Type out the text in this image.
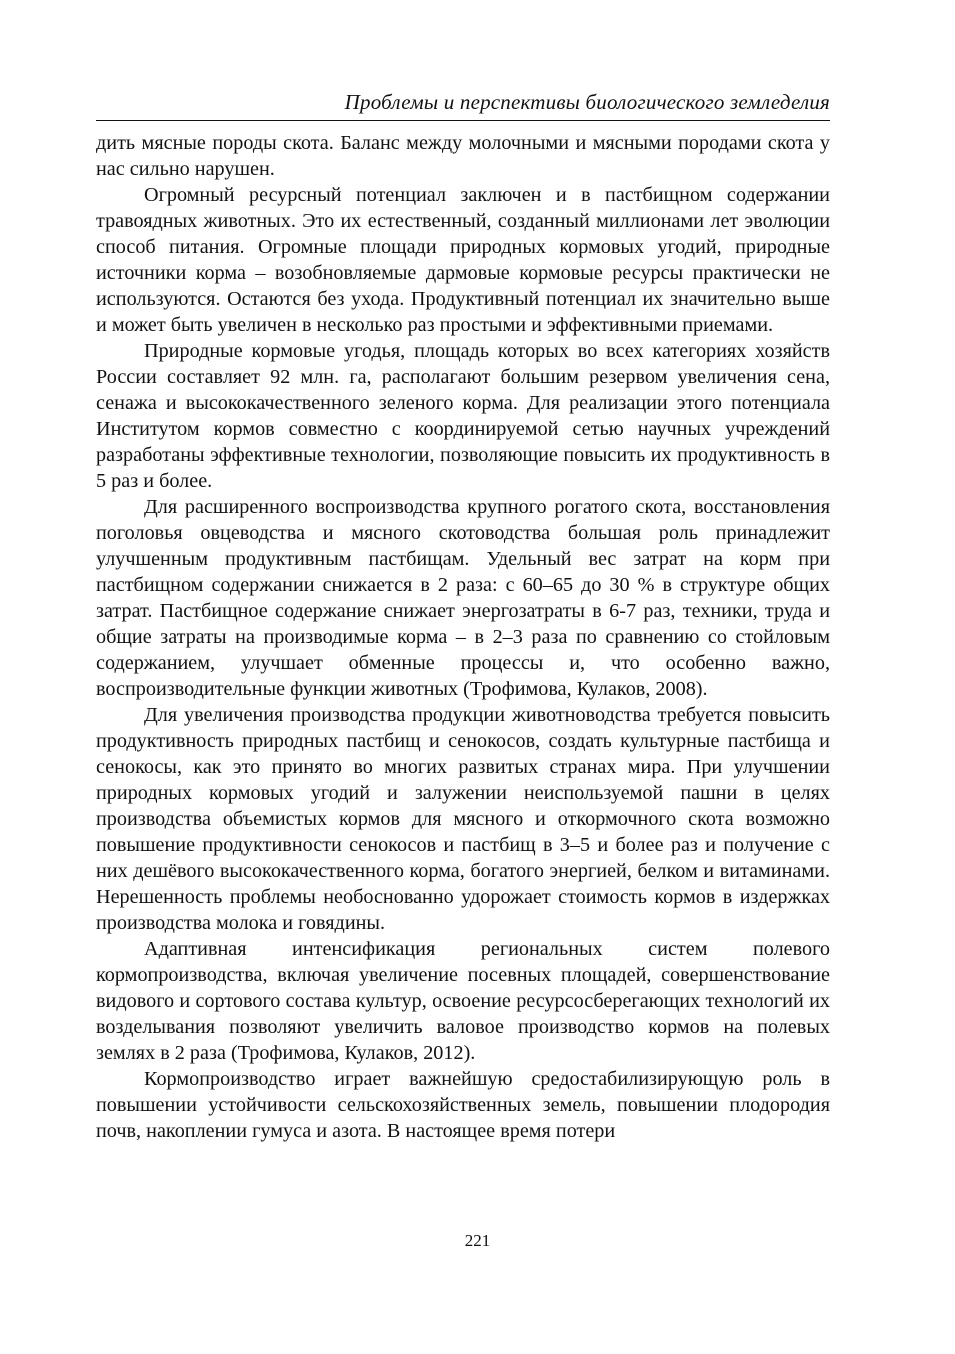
Проблемы и перспективы биологического земледелия

дить мясные породы скота. Баланс между молочными и мясными породами скота у нас сильно нарушен.

Огромный ресурсный потенциал заключен и в пастбищном содержании травоядных животных. Это их естественный, созданный миллионами лет эволюции способ питания. Огромные площади природных кормовых угодий, природные источники корма – возобновляемые дармовые кормовые ресурсы практически не используются. Остаются без ухода. Продуктивный потенциал их значительно выше и может быть увеличен в несколько раз простыми и эффективными приемами.

Природные кормовые угодья, площадь которых во всех категориях хозяйств России составляет 92 млн. га, располагают большим резервом увеличения сена, сенажа и высококачественного зеленого корма. Для реализации этого потенциала Институтом кормов совместно с координируемой сетью научных учреждений разработаны эффективные технологии, позволяющие повысить их продуктивность в 5 раз и более.

Для расширенного воспроизводства крупного рогатого скота, восстановления поголовья овцеводства и мясного скотоводства большая роль принадлежит улучшенным продуктивным пастбищам. Удельный вес затрат на корм при пастбищном содержании снижается в 2 раза: с 60–65 до 30 % в структуре общих затрат. Пастбищное содержание снижает энергозатраты в 6-7 раз, техники, труда и общие затраты на производимые корма – в 2–3 раза по сравнению со стойловым содержанием, улучшает обменные процессы и, что особенно важно, воспроизводительные функции животных (Трофимова, Кулаков, 2008).

Для увеличения производства продукции животноводства требуется повысить продуктивность природных пастбищ и сенокосов, создать культурные пастбища и сенокосы, как это принято во многих развитых странах мира. При улучшении природных кормовых угодий и залужении неиспользуемой пашни в целях производства объемистых кормов для мясного и откормочного скота возможно повышение продуктивности сенокосов и пастбищ в 3–5 и более раз и получение с них дешёвого высококачественного корма, богатого энергией, белком и витаминами. Нерешенность проблемы необоснованно удорожает стоимость кормов в издержках производства молока и говядины.

Адаптивная интенсификация региональных систем полевого кормопроизводства, включая увеличение посевных площадей, совершенствование видового и сортового состава культур, освоение ресурсосберегающих технологий их возделывания позволяют увеличить валовое производство кормов на полевых землях в 2 раза (Трофимова, Кулаков, 2012).

Кормопроизводство играет важнейшую средостабилизирующую роль в повышении устойчивости сельскохозяйственных земель, повышении плодородия почв, накоплении гумуса и азота. В настоящее время потери

221
